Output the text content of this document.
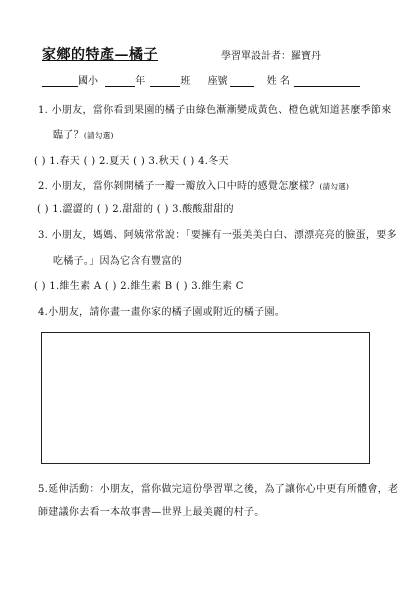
家鄉的特產—橘子	學習單設計者：羅寶丹
國小	年	班 座號	姓 名
1. 小朋友，當你看到果園的橘子由綠色漸漸變成黃色、橙色就知道甚麼季節來
臨了？(請勾選)
( ) 1.春天 ( ) 2.夏天 ( ) 3.秋天 ( ) 4.冬天
2. 小朋友，當你剝開橘子一瓣一瓣放入口中時的感覺怎麼樣？(請勾選)
( ) 1.澀澀的 ( ) 2.甜甜的 ( ) 3.酸酸甜甜的
3. 小朋友，媽媽、阿姨常常說：「要擁有一張美美白白、漂漂亮亮的臉蛋，要多
吃橘子。」因為它含有豐富的
( ) 1.維生素 A ( ) 2.維生素 B ( ) 3.維生素 C
4.小朋友，請你畫一畫你家的橘子園或附近的橘子園。
5.延伸活動：小朋友，當你做完這份學習單之後，為了讓你心中更有所體會，老
師建議你去看一本故事書—世界上最美麗的村子。
